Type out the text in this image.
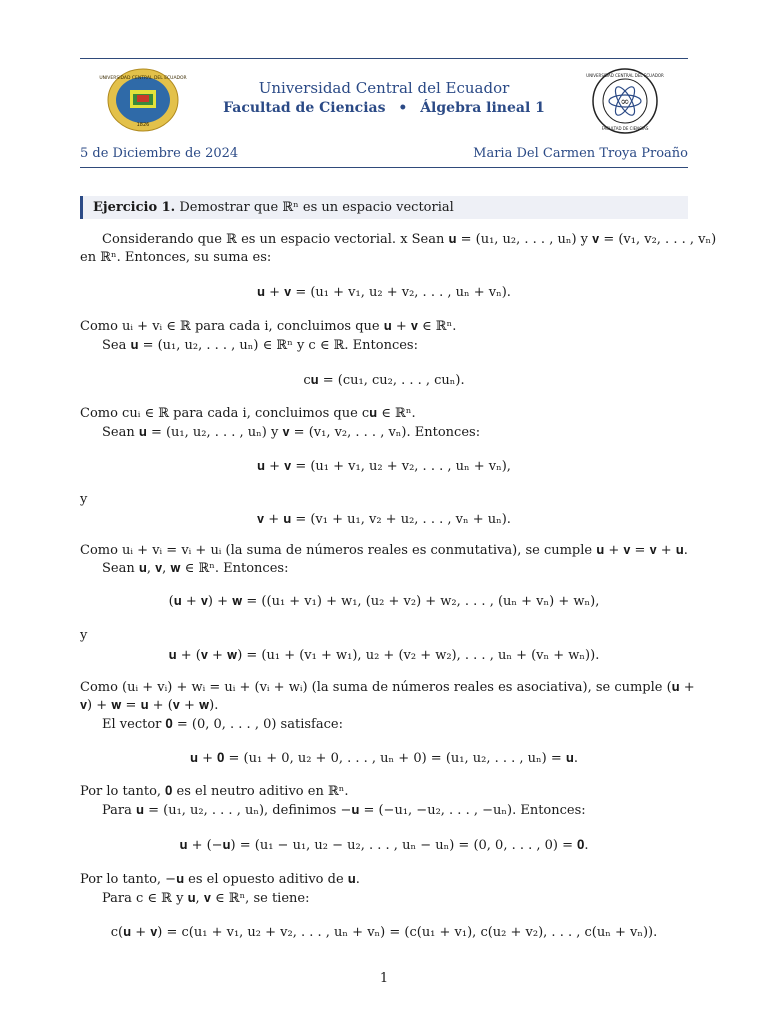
UNIVERSIDAD CENTRAL DEL ECUADOR
1826
∞
UNIVERSIDAD CENTRAL DEL ECUADOR
FACULTAD DE CIENCIAS
Universidad Central del Ecuador
Facultad de Ciencias • Álgebra lineal 1
5 de Diciembre de 2024	Maria Del Carmen Troya Proaño
Ejercicio 1. Demostrar que ℝⁿ es un espacio vectorial
Considerando que ℝ es un espacio vectorial. x Sean 𝐮 = (u₁, u₂, . . . , uₙ) y 𝐯 = (v₁, v₂, . . . , vₙ)
en ℝⁿ. Entonces, su suma es:
𝐮 + 𝐯 = (u₁ + v₁, u₂ + v₂, . . . , uₙ + vₙ).
Como uᵢ + vᵢ ∈ ℝ para cada i, concluimos que 𝐮 + 𝐯 ∈ ℝⁿ.
Sea 𝐮 = (u₁, u₂, . . . , uₙ) ∈ ℝⁿ y c ∈ ℝ. Entonces:
c𝐮 = (cu₁, cu₂, . . . , cuₙ).
Como cuᵢ ∈ ℝ para cada i, concluimos que c𝐮 ∈ ℝⁿ.
Sean 𝐮 = (u₁, u₂, . . . , uₙ) y 𝐯 = (v₁, v₂, . . . , vₙ). Entonces:
𝐮 + 𝐯 = (u₁ + v₁, u₂ + v₂, . . . , uₙ + vₙ),
y
𝐯 + 𝐮 = (v₁ + u₁, v₂ + u₂, . . . , vₙ + uₙ).
Como uᵢ + vᵢ = vᵢ + uᵢ (la suma de números reales es conmutativa), se cumple 𝐮 + 𝐯 = 𝐯 + 𝐮.
Sean 𝐮, 𝐯, 𝐰 ∈ ℝⁿ. Entonces:
(𝐮 + 𝐯) + 𝐰 = ((u₁ + v₁) + w₁, (u₂ + v₂) + w₂, . . . , (uₙ + vₙ) + wₙ),
y
𝐮 + (𝐯 + 𝐰) = (u₁ + (v₁ + w₁), u₂ + (v₂ + w₂), . . . , uₙ + (vₙ + wₙ)).
Como (uᵢ + vᵢ) + wᵢ = uᵢ + (vᵢ + wᵢ) (la suma de números reales es asociativa), se cumple (𝐮 +
𝐯) + 𝐰 = 𝐮 + (𝐯 + 𝐰).
El vector 𝟎 = (0, 0, . . . , 0) satisface:
𝐮 + 𝟎 = (u₁ + 0, u₂ + 0, . . . , uₙ + 0) = (u₁, u₂, . . . , uₙ) = 𝐮.
Por lo tanto, 𝟎 es el neutro aditivo en ℝⁿ.
Para 𝐮 = (u₁, u₂, . . . , uₙ), definimos −𝐮 = (−u₁, −u₂, . . . , −uₙ). Entonces:
𝐮 + (−𝐮) = (u₁ − u₁, u₂ − u₂, . . . , uₙ − uₙ) = (0, 0, . . . , 0) = 𝟎.
Por lo tanto, −𝐮 es el opuesto aditivo de 𝐮.
Para c ∈ ℝ y 𝐮, 𝐯 ∈ ℝⁿ, se tiene:
c(𝐮 + 𝐯) = c(u₁ + v₁, u₂ + v₂, . . . , uₙ + vₙ) = (c(u₁ + v₁), c(u₂ + v₂), . . . , c(uₙ + vₙ)).
1
